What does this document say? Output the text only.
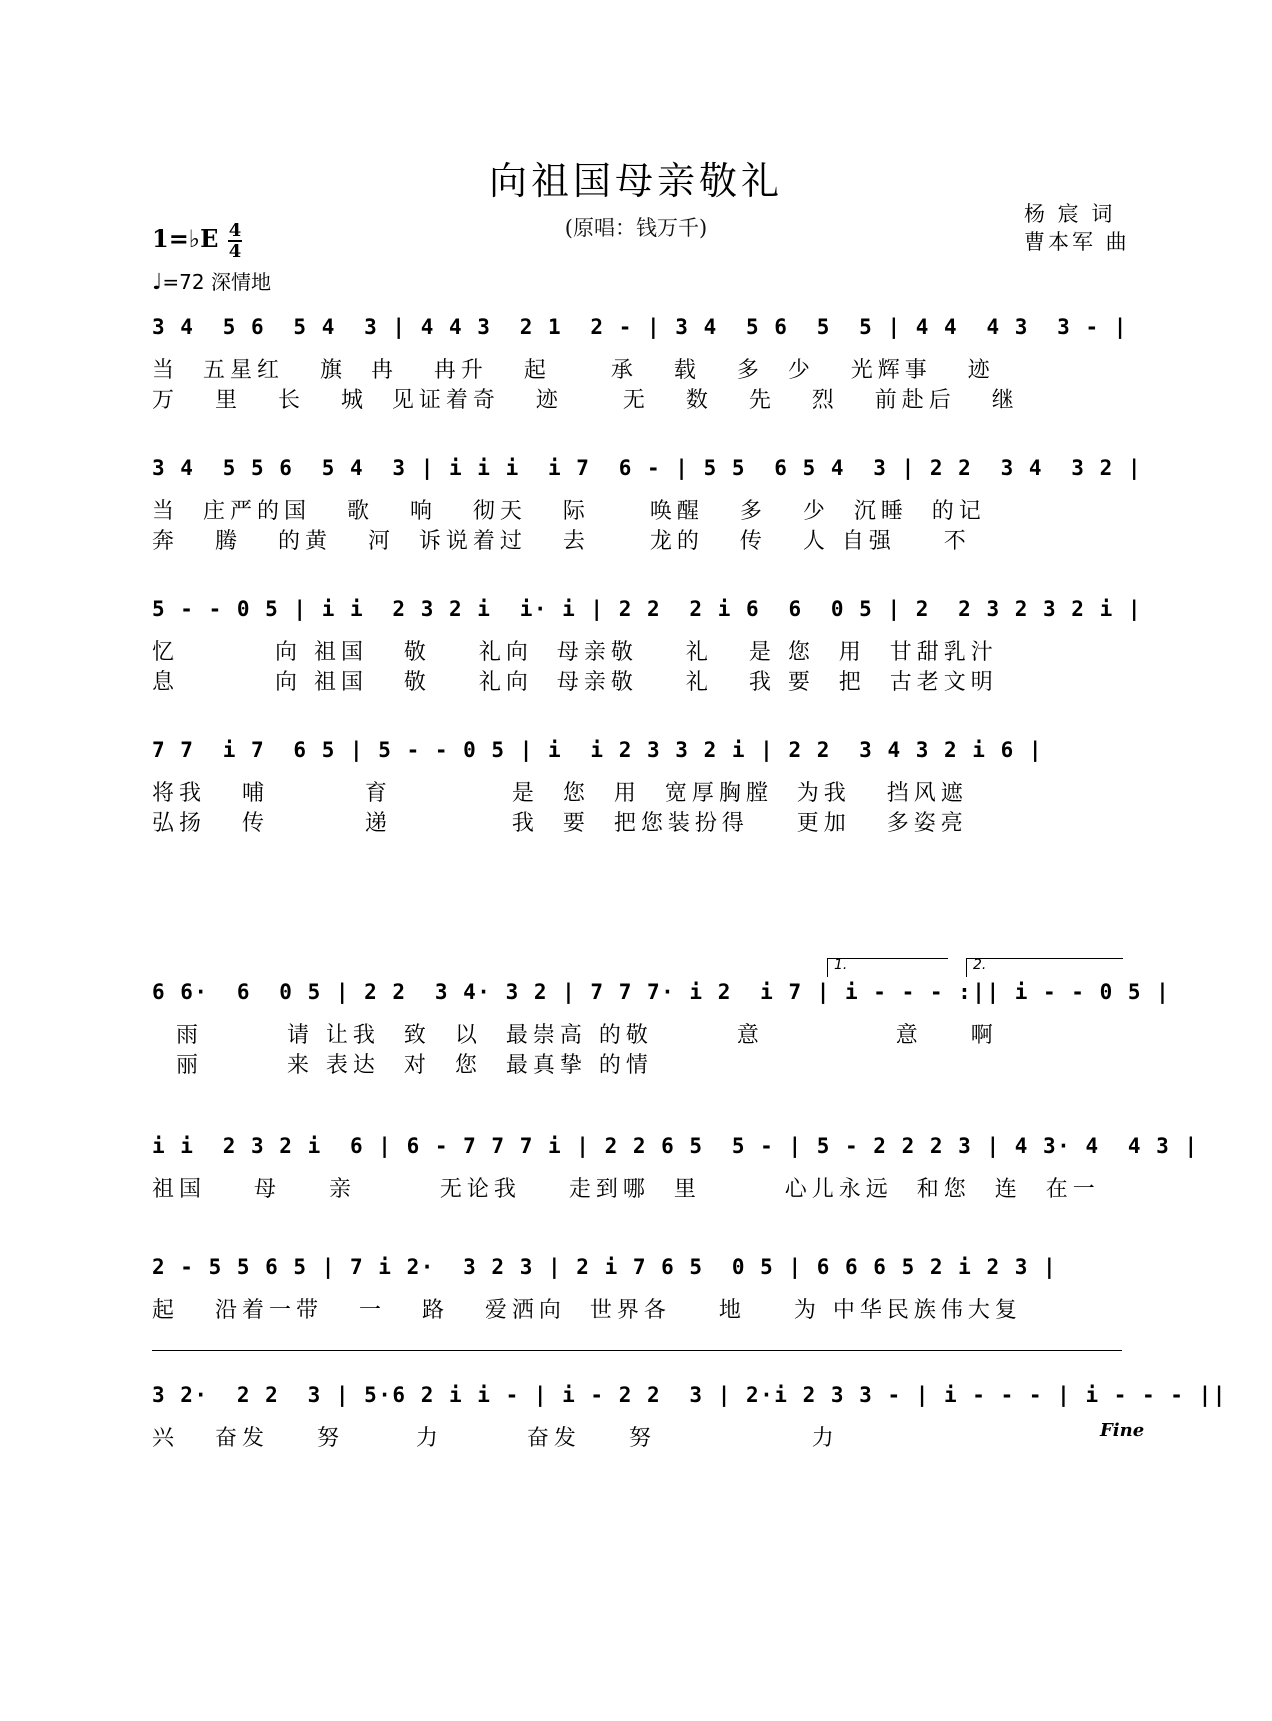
向祖国母亲敬礼
(原唱：钱万千)
杨 宸 词
曹本军 曲
1=♭E 4
4
♩=72 深情地
3 4  5 6  5 4  3 | 4 4 3  2 1  2 - | 3 4  5 6  5  5 | 4 4  4 3  3 - |
当  五星红   旗  冉   冉升   起     承   载   多  少   光辉事   迹
万   里   长   城  见证着奇   迹     无   数   先   烈   前赴后   继
3 4  5 5 6  5 4  3 | i i i  i 7  6 - | 5 5  6 5 4  3 | 2 2  3 4  3 2 |
当  庄严的国   歌   响   彻天   际     唤醒   多   少  沉睡  的记
奔   腾   的黄   河  诉说着过   去     龙的   传   人 自强    不
5 - - 0 5 | i i  2 3 2 i  i· i | 2 2  2 i 6  6  0 5 | 2  2 3 2 3 2 i |
忆        向 祖国   敬    礼向  母亲敬    礼   是 您  用  甘甜乳汁
息        向 祖国   敬    礼向  母亲敬    礼   我 要  把  古老文明
7 7  i 7  6 5 | 5 - - 0 5 | i  i 2 3 3 2 i | 2 2  3 4 3 2 i 6 |
将我   哺        育          是  您  用  宽厚胸膛  为我   挡风遮
弘扬   传        递          我  要  把您装扮得    更加   多姿亮
1.	2.
6 6·  6  0 5 | 2 2  3 4· 3 2 | 7 7 7· i 2  i 7 | i - - - :|| i - - 0 5 |
雨       请 让我  致  以  最崇高 的敬       意           意    啊
丽       来 表达  对  您  最真挚 的情
i i  2 3 2 i  6 | 6 - 7 7 7 i | 2 2 6 5  5 - | 5 - 2 2 2 3 | 4 3· 4  4 3 |
祖国    母    亲       无论我    走到哪  里       心儿永远  和您  连  在一
2 - 5 5 6 5 | 7 i 2·  3 2 3 | 2 i 7 6 5  0 5 | 6 6 6 5 2 i 2 3 |
起   沿着一带   一   路   爱洒向  世界各    地    为 中华民族伟大复
3 2·  2 2  3 | 5·6 2 i i - | i - 2 2  3 | 2·i 2 3 3 - | i - - - | i - - - ||
兴   奋发    努      力       奋发    努             力	Fine
